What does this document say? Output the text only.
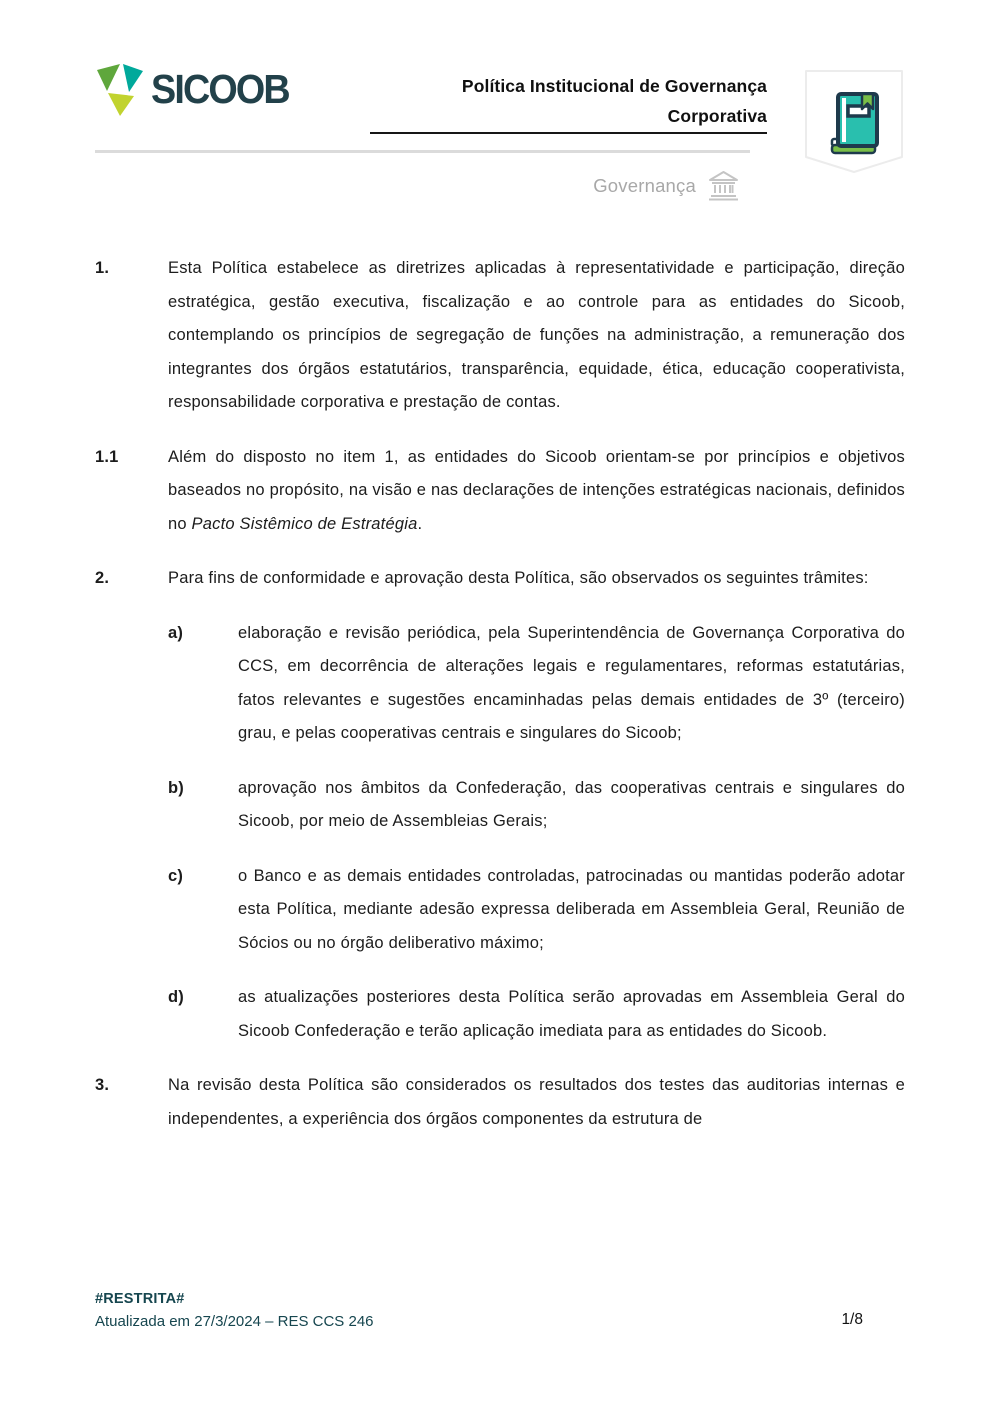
SICOOB	Política Institucional de Governança
Corporativa
Governança
1.	Esta Política estabelece as diretrizes aplicadas à representatividade e participação, direção estratégica, gestão executiva, fiscalização e ao controle para as entidades do Sicoob, contemplando os princípios de segregação de funções na administração, a remuneração dos integrantes dos órgãos estatutários, transparência, equidade, ética, educação cooperativista, responsabilidade corporativa e prestação de contas.
1.1	Além do disposto no item 1, as entidades do Sicoob orientam-se por princípios e objetivos baseados no propósito, na visão e nas declarações de intenções estratégicas nacionais, definidos no Pacto Sistêmico de Estratégia.
2.	Para fins de conformidade e aprovação desta Política, são observados os seguintes trâmites:
a)	elaboração e revisão periódica, pela Superintendência de Governança Corporativa do CCS, em decorrência de alterações legais e regulamentares, reformas estatutárias, fatos relevantes e sugestões encaminhadas pelas demais entidades de 3º (terceiro) grau, e pelas cooperativas centrais e singulares do Sicoob;
b)	aprovação nos âmbitos da Confederação, das cooperativas centrais e singulares do Sicoob, por meio de Assembleias Gerais;
c)	o Banco e as demais entidades controladas, patrocinadas ou mantidas poderão adotar esta Política, mediante adesão expressa deliberada em Assembleia Geral, Reunião de Sócios ou no órgão deliberativo máximo;
d)	as atualizações posteriores desta Política serão aprovadas em Assembleia Geral do Sicoob Confederação e terão aplicação imediata para as entidades do Sicoob.
3.	Na revisão desta Política são considerados os resultados dos testes das auditorias internas e independentes, a experiência dos órgãos componentes da estrutura de
#RESTRITA#
Atualizada em 27/3/2024 – RES CCS 246	1/8
